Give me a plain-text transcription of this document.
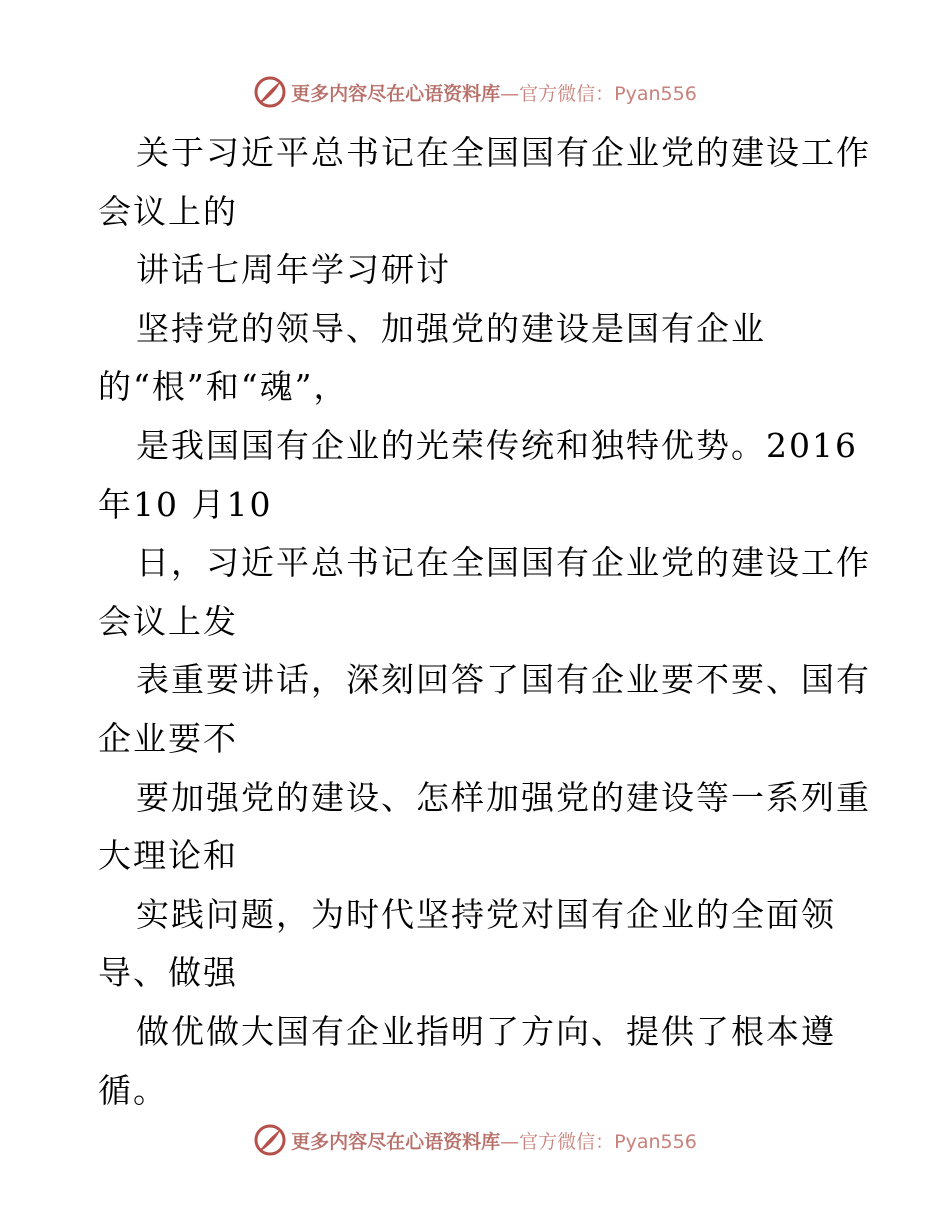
更多内容尽在心语资料库—官方微信：Pyan556
关于习近平总书记在全国国有企业党的建设工作
会议上的
讲话七周年学习研讨
坚持党的领导、加强党的建设是国有企业
的“根”和“魂”，
是我国国有企业的光荣传统和独特优势。2016
年10 月10
日，习近平总书记在全国国有企业党的建设工作
会议上发
表重要讲话，深刻回答了国有企业要不要、国有
企业要不
要加强党的建设、怎样加强党的建设等一系列重
大理论和
实践问题，为时代坚持党对国有企业的全面领
导、做强
做优做大国有企业指明了方向、提供了根本遵
循。
更多内容尽在心语资料库—官方微信：Pyan556
